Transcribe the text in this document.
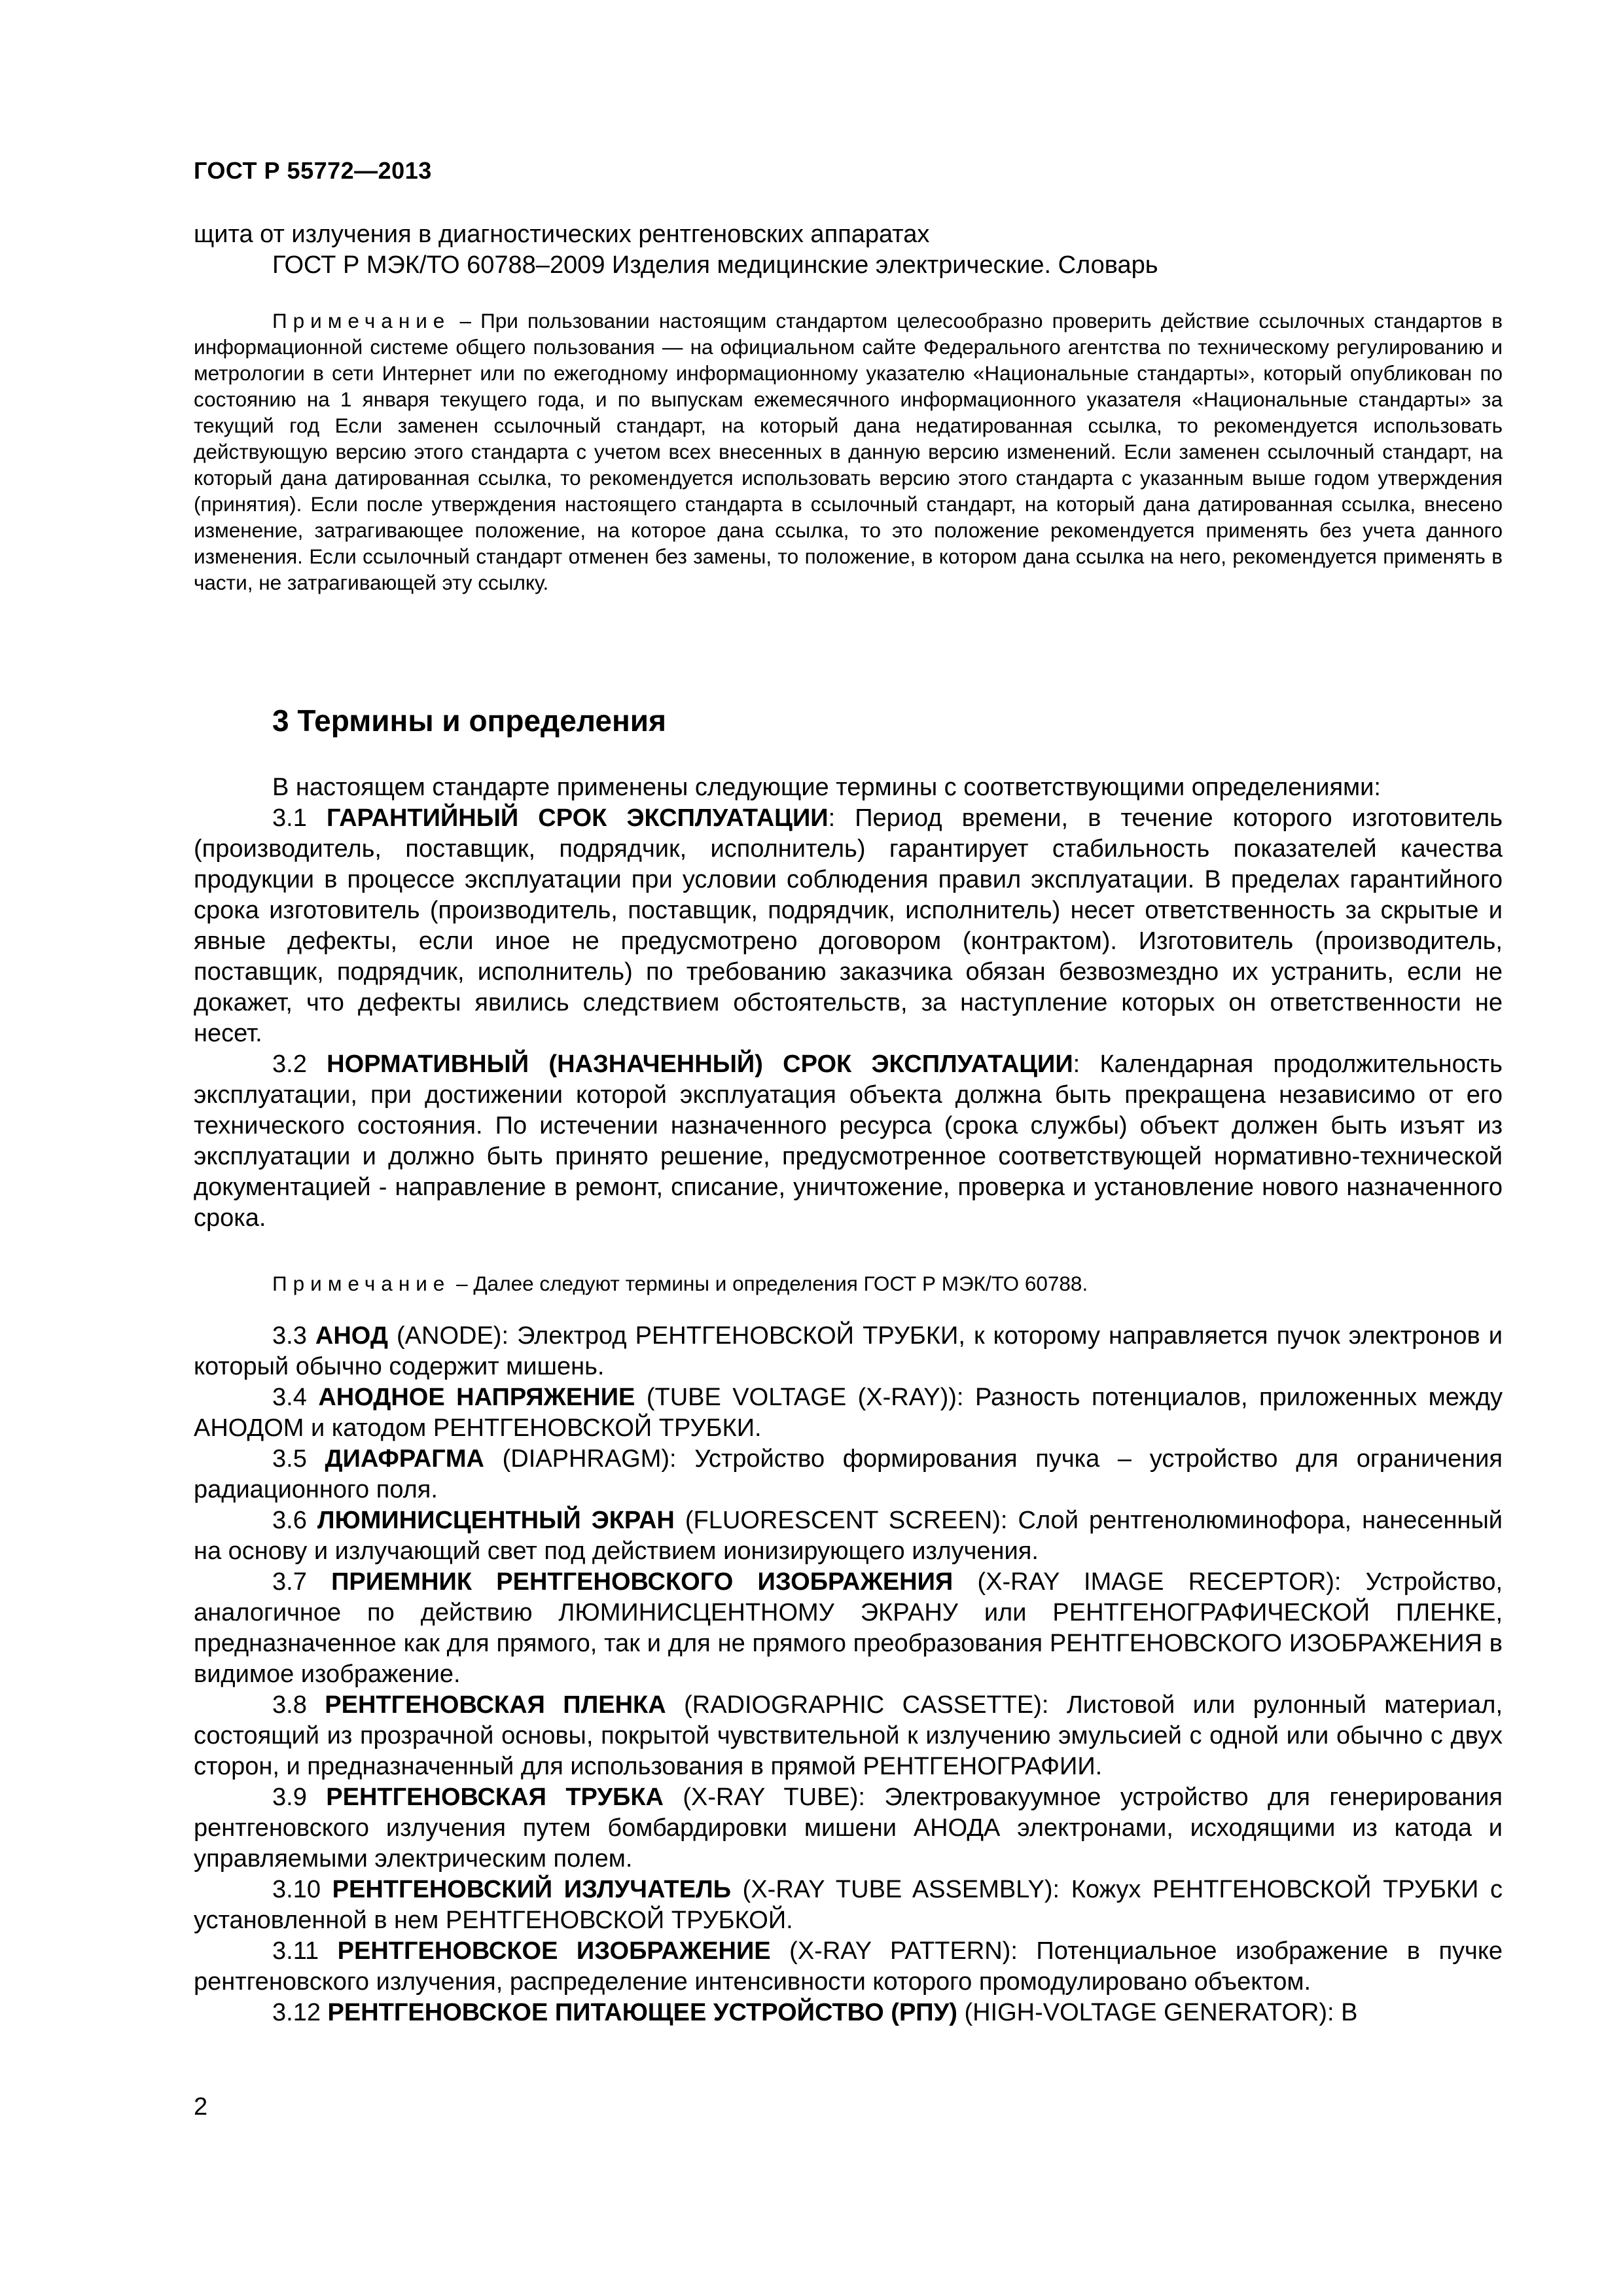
ГОСТ Р 55772—2013

щита от излучения в диагностических рентгеновских аппаратах

ГОСТ Р МЭК/ТО 60788–2009 Изделия медицинские электрические. Словарь

Примечание – При пользовании настоящим стандартом целесообразно проверить действие ссылочных стандартов в информационной системе общего пользования — на официальном сайте Федерального агентства по техническому регулированию и метрологии в сети Интернет или по ежегодному информационному указателю «Национальные стандарты», который опубликован по состоянию на 1 января текущего года, и по выпускам ежемесячного информационного указателя «Национальные стандарты» за текущий год Если заменен ссылочный стандарт, на который дана недатированная ссылка, то рекомендуется использовать действующую версию этого стандарта с учетом всех внесенных в данную версию изменений. Если заменен ссылочный стандарт, на который дана датированная ссылка, то рекомендуется использовать версию этого стандарта с указанным выше годом утверждения (принятия). Если после утверждения настоящего стандарта в ссылочный стандарт, на который дана датированная ссылка, внесено изменение, затрагивающее положение, на которое дана ссылка, то это положение рекомендуется применять без учета данного изменения. Если ссылочный стандарт отменен без замены, то положение, в котором дана ссылка на него, рекомендуется применять в части, не затрагивающей эту ссылку.

3 Термины и определения

В настоящем стандарте применены следующие термины с соответствующими определениями:

3.1 ГАРАНТИЙНЫЙ СРОК ЭКСПЛУАТАЦИИ: Период времени, в течение которого изготовитель (производитель, поставщик, подрядчик, исполнитель) гарантирует стабильность показателей качества продукции в процессе эксплуатации при условии соблюдения правил эксплуатации. В пределах гарантийного срока изготовитель (производитель, поставщик, подрядчик, исполнитель) несет ответственность за скрытые и явные дефекты, если иное не предусмотрено договором (контрактом). Изготовитель (производитель, поставщик, подрядчик, исполнитель) по требованию заказчика обязан безвозмездно их устранить, если не докажет, что дефекты явились следствием обстоятельств, за наступление которых он ответственности не несет.

3.2 НОРМАТИВНЫЙ (НАЗНАЧЕННЫЙ) СРОК ЭКСПЛУАТАЦИИ: Календарная продолжительность эксплуатации, при достижении которой эксплуатация объекта должна быть прекращена независимо от его технического состояния. По истечении назначенного ресурса (срока службы) объект должен быть изъят из эксплуатации и должно быть принято решение, предусмотренное соответствующей нормативно-технической документацией - направление в ремонт, списание, уничтожение, проверка и установление нового назначенного срока.

Примечание – Далее следуют термины и определения ГОСТ Р МЭК/ТО 60788.

3.3 АНОД (ANODE): Электрод РЕНТГЕНОВСКОЙ ТРУБКИ, к которому направляется пучок электронов и который обычно содержит мишень.

3.4 АНОДНОЕ НАПРЯЖЕНИЕ (TUBE VOLTAGE (X-RAY)): Разность потенциалов, приложенных между АНОДОМ и катодом РЕНТГЕНОВСКОЙ ТРУБКИ.

3.5 ДИАФРАГМА (DIAPHRAGM): Устройство формирования пучка – устройство для ограничения радиационного поля.

3.6 ЛЮМИНИСЦЕНТНЫЙ ЭКРАН (FLUORESCENT SCREEN): Слой рентгенолюминофора, нанесенный на основу и излучающий свет под действием ионизирующего излучения.

3.7 ПРИЕМНИК РЕНТГЕНОВСКОГО ИЗОБРАЖЕНИЯ (X-RAY IMAGE RECEPTOR): Устройство, аналогичное по действию ЛЮМИНИСЦЕНТНОМУ ЭКРАНУ или РЕНТГЕНОГРАФИЧЕСКОЙ ПЛЕНКЕ, предназначенное как для прямого, так и для не прямого преобразования РЕНТГЕНОВСКОГО ИЗОБРАЖЕНИЯ в видимое изображение.

3.8 РЕНТГЕНОВСКАЯ ПЛЕНКА (RADIOGRAPHIC CASSETTE): Листовой или рулонный материал, состоящий из прозрачной основы, покрытой чувствительной к излучению эмульсией с одной или обычно с двух сторон, и предназначенный для использования в прямой РЕНТГЕНОГРАФИИ.

3.9 РЕНТГЕНОВСКАЯ ТРУБКА (X-RAY TUBE): Электровакуумное устройство для генерирования рентгеновского излучения путем бомбардировки мишени АНОДА электронами, исходящими из катода и управляемыми электрическим полем.

3.10 РЕНТГЕНОВСКИЙ ИЗЛУЧАТЕЛЬ (X-RAY TUBE ASSEMBLY): Кожух РЕНТГЕНОВСКОЙ ТРУБКИ с установленной в нем РЕНТГЕНОВСКОЙ ТРУБКОЙ.

3.11 РЕНТГЕНОВСКОЕ ИЗОБРАЖЕНИЕ (X-RAY PATTERN): Потенциальное изображение в пучке рентгеновского излучения, распределение интенсивности которого промодулировано объектом.

3.12 РЕНТГЕНОВСКОЕ ПИТАЮЩЕЕ УСТРОЙСТВО (РПУ) (HIGH-VOLTAGE GENERATOR): В

2
